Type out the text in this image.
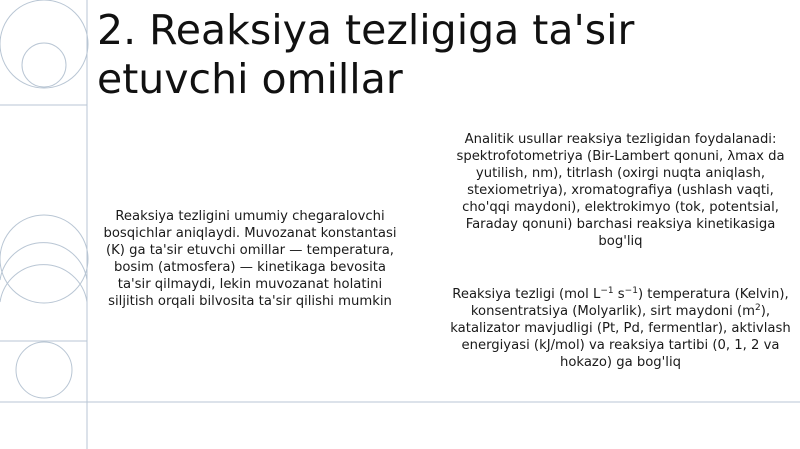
2. Reaksiya tezligiga ta'sir etuvchi omillar

Reaksiya tezligini umumiy chegaralovchi bosqichlar aniqlaydi. Muvozanat konstantasi (K) ga ta'sir etuvchi omillar — temperatura, bosim (atmosfera) — kinetikaga bevosita ta'sir qilmaydi, lekin muvozanat holatini siljitish orqali bilvosita ta'sir qilishi mumkin

Analitik usullar reaksiya tezligidan foydalanadi: spektrofotometriya (Bir-Lambert qonuni, λmax da yutilish, nm), titrlash (oxirgi nuqta aniqlash, stexiometriya), xromatografiya (ushlash vaqti, cho'qqi maydoni), elektrokimyo (tok, potentsial, Faraday qonuni) barchasi reaksiya kinetikasiga bog'liq

Reaksiya tezligi (mol $L^{-1}$ $s^{-1}$) temperatura (Kelvin), konsentratsiya (Molyarlik), sirt maydoni $(m^2)$, katalizator mavjudligi (Pt, Pd, fermentlar), aktivlash energiyasi (kJ/mol) va reaksiya tartibi (0, 1, 2 va hokazo) ga bog'liq
